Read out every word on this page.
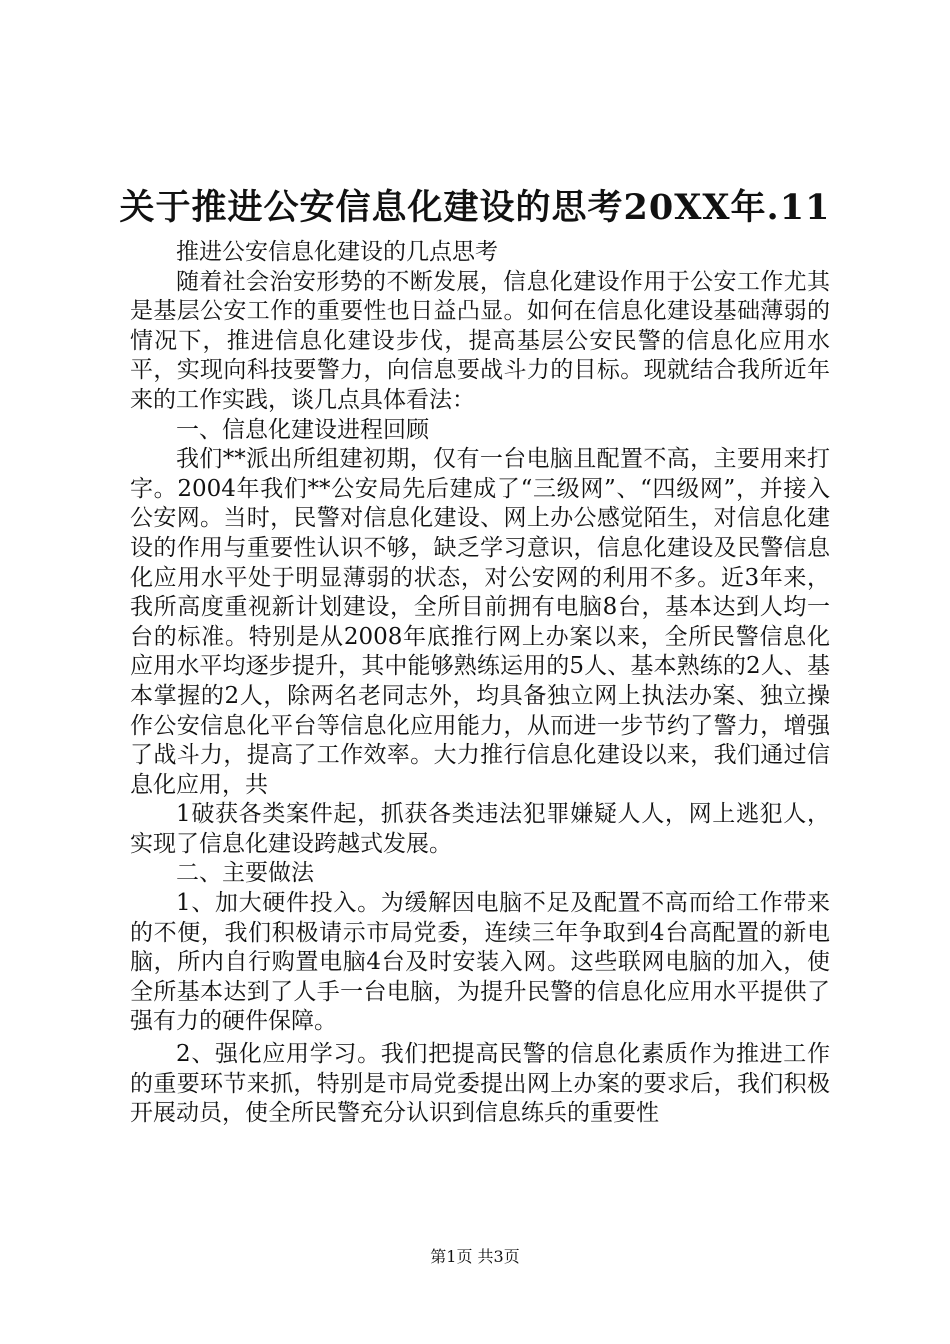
关于推进公安信息化建设的思考20XX年.11

推进公安信息化建设的几点思考

随着社会治安形势的不断发展，信息化建设作用于公安工作尤其是基层公安工作的重要性也日益凸显。如何在信息化建设基础薄弱的情况下，推进信息化建设步伐，提高基层公安民警的信息化应用水平，实现向科技要警力，向信息要战斗力的目标。现就结合我所近年来的工作实践，谈几点具体看法：

一、信息化建设进程回顾

我们**派出所组建初期，仅有一台电脑且配置不高，主要用来打字。2004年我们**公安局先后建成了“三级网”、“四级网”，并接入公安网。当时，民警对信息化建设、网上办公感觉陌生，对信息化建设的作用与重要性认识不够，缺乏学习意识，信息化建设及民警信息化应用水平处于明显薄弱的状态，对公安网的利用不多。近3年来，我所高度重视新计划建设，全所目前拥有电脑8台，基本达到人均一台的标准。特别是从2008年底推行网上办案以来，全所民警信息化应用水平均逐步提升，其中能够熟练运用的5人、基本熟练的2人、基本掌握的2人，除两名老同志外，均具备独立网上执法办案、独立操作公安信息化平台等信息化应用能力，从而进一步节约了警力，增强了战斗力，提高了工作效率。大力推行信息化建设以来，我们通过信息化应用，共

1破获各类案件起，抓获各类违法犯罪嫌疑人人，网上逃犯人，实现了信息化建设跨越式发展。

二、主要做法

1、加大硬件投入。为缓解因电脑不足及配置不高而给工作带来的不便，我们积极请示市局党委，连续三年争取到4台高配置的新电脑，所内自行购置电脑4台及时安装入网。这些联网电脑的加入，使全所基本达到了人手一台电脑，为提升民警的信息化应用水平提供了强有力的硬件保障。

2、强化应用学习。我们把提高民警的信息化素质作为推进工作的重要环节来抓，特别是市局党委提出网上办案的要求后，我们积极开展动员，使全所民警充分认识到信息练兵的重要性

第1页 共3页
